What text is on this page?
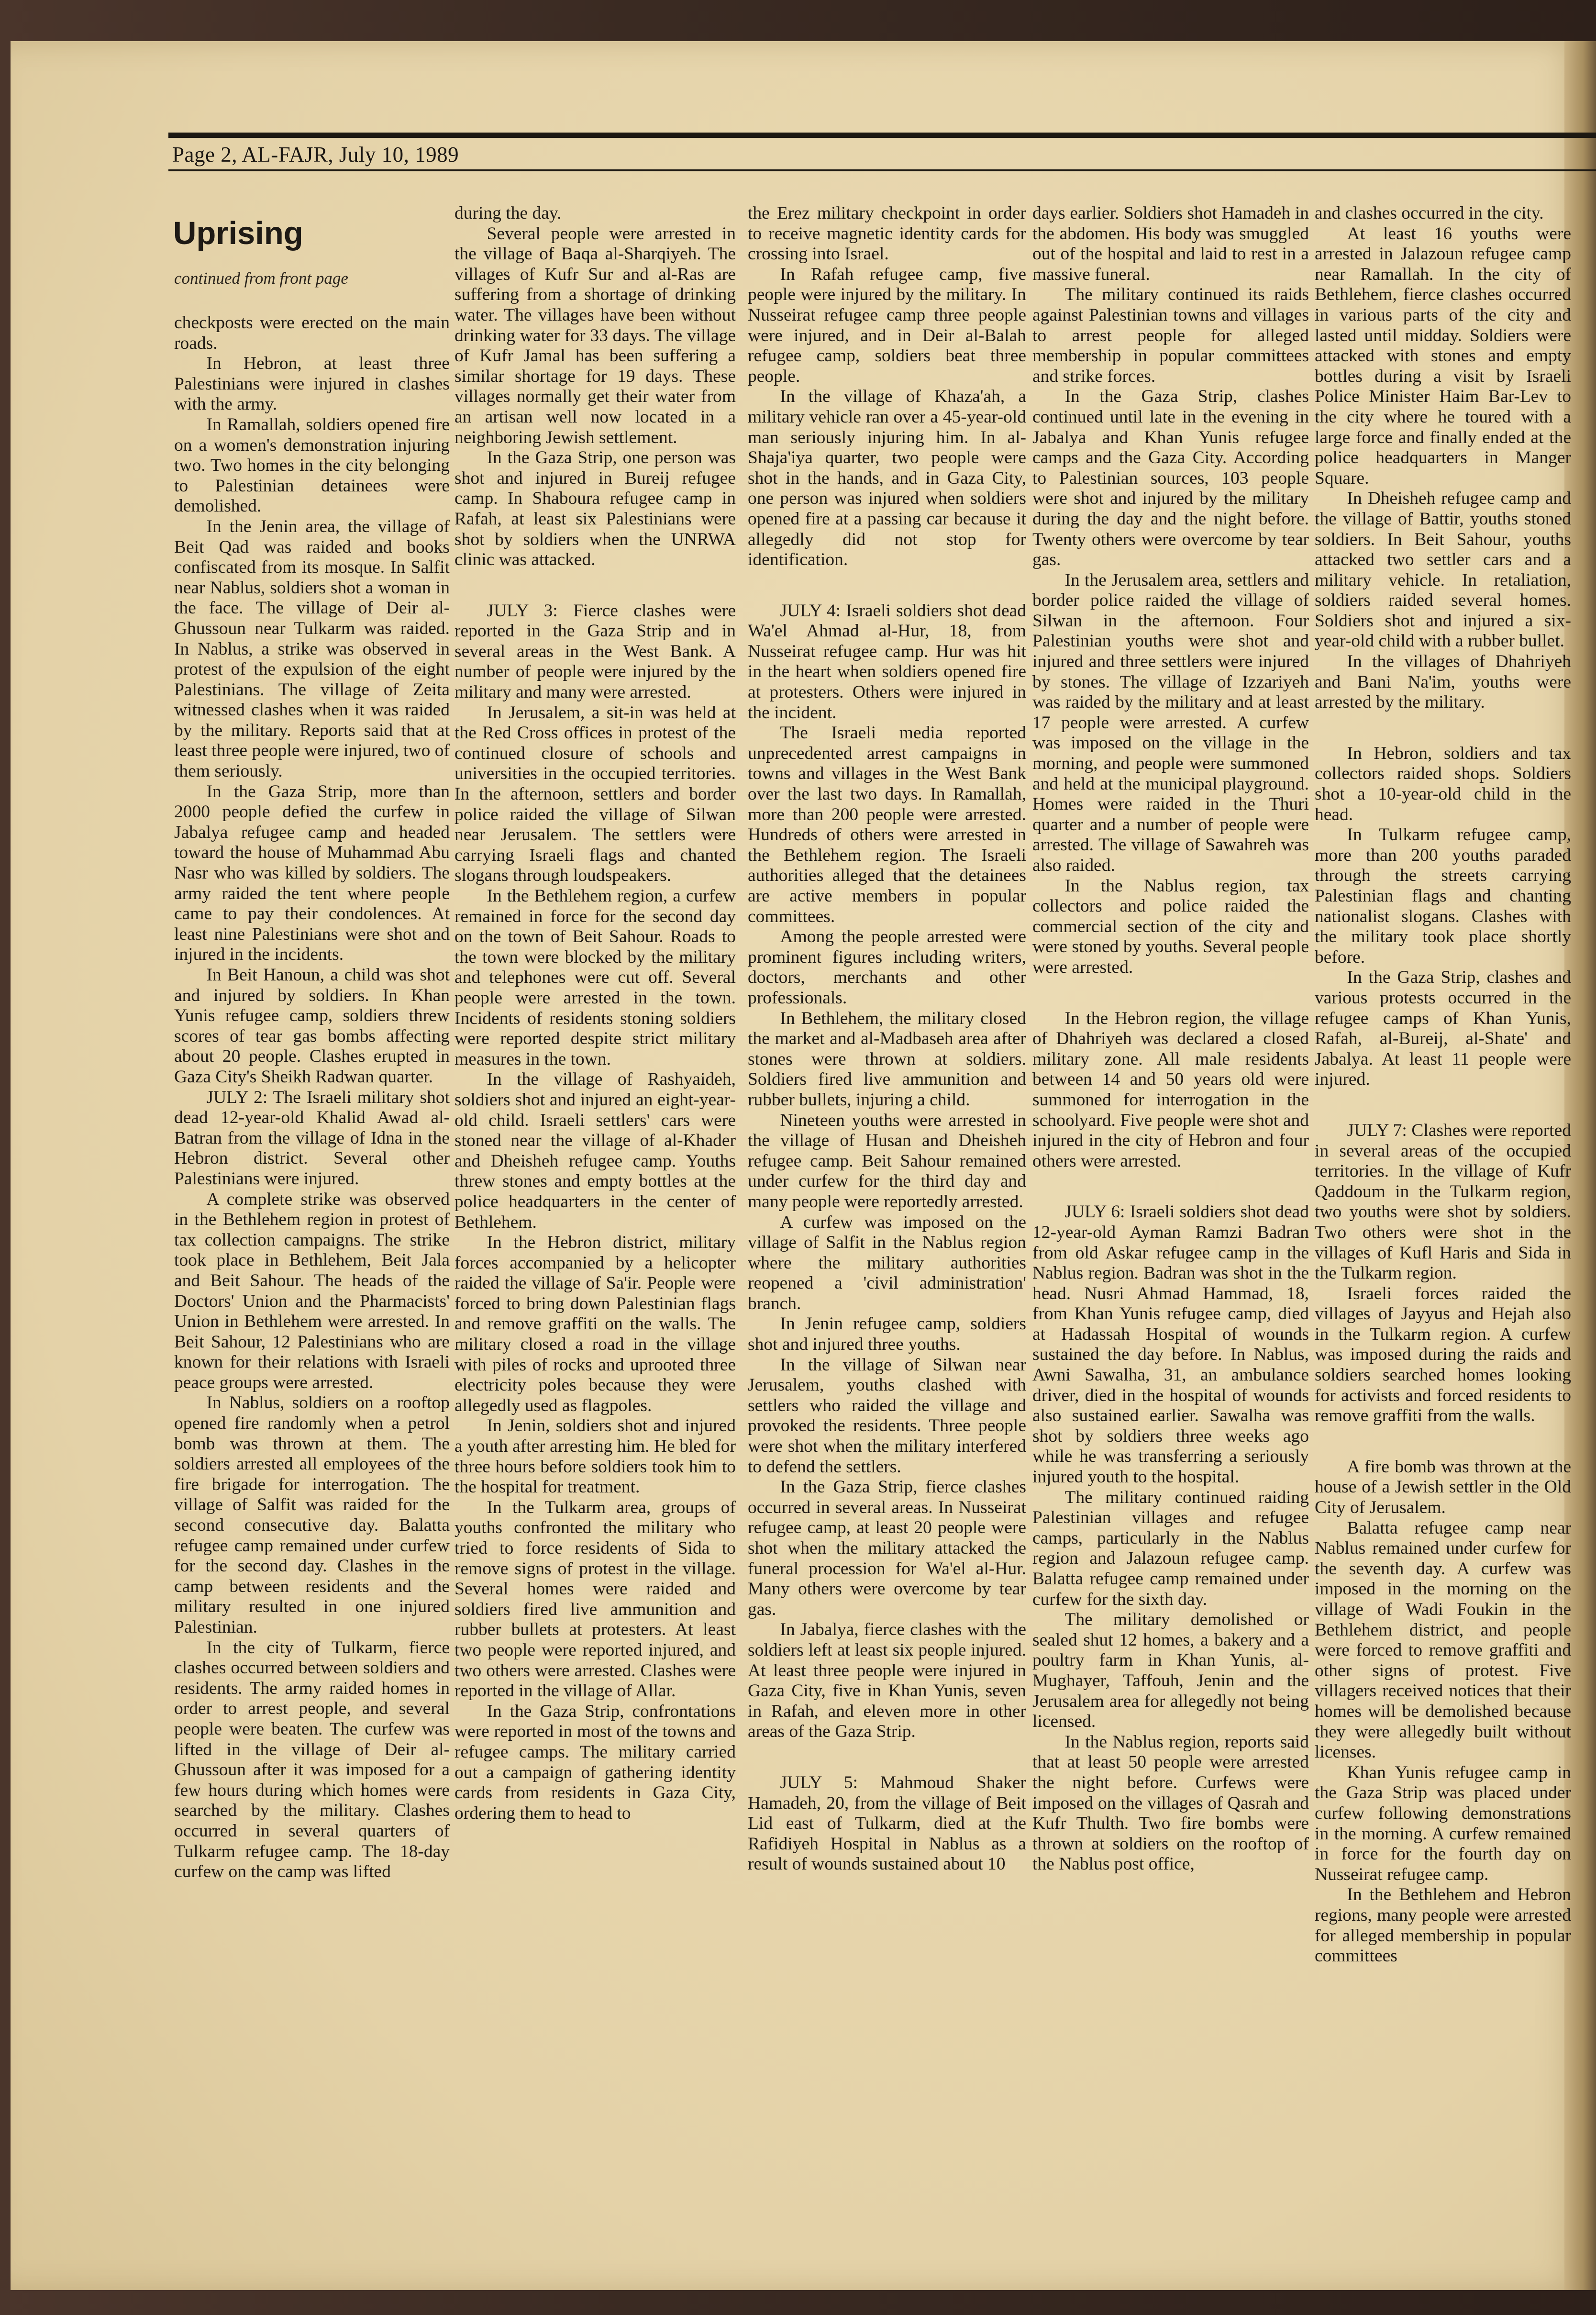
Page 2, AL-FAJR, July 10, 1989
Uprising

continued from front page

checkposts were erected on the main roads.

In Hebron, at least three Palestinians were injured in clashes with the army.

In Ramallah, soldiers opened fire on a women's demonstration injuring two. Two homes in the city belonging to Palestinian detainees were demolished.

In the Jenin area, the village of Beit Qad was raided and books confiscated from its mosque. In Salfit near Nablus, soldiers shot a woman in the face. The village of Deir al-Ghussoun near Tulkarm was raided. In Nablus, a strike was observed in protest of the expulsion of the eight Palestinians. The village of Zeita witnessed clashes when it was raided by the military. Reports said that at least three people were injured, two of them seriously.

In the Gaza Strip, more than 2000 people defied the curfew in Jabalya refugee camp and headed toward the house of Muhammad Abu Nasr who was killed by soldiers. The army raided the tent where people came to pay their condolences. At least nine Palestinians were shot and injured in the incidents.

In Beit Hanoun, a child was shot and injured by soldiers. In Khan Yunis refugee camp, soldiers threw scores of tear gas bombs affecting about 20 people. Clashes erupted in Gaza City's Sheikh Radwan quarter.

JULY 2: The Israeli military shot dead 12-year-old Khalid Awad al-Batran from the village of Idna in the Hebron district. Several other Palestinians were injured.

A complete strike was observed in the Bethlehem region in protest of tax collection campaigns. The strike took place in Bethlehem, Beit Jala and Beit Sahour. The heads of the Doctors' Union and the Pharmacists' Union in Bethlehem were arrested. In Beit Sahour, 12 Palestinians who are known for their relations with Israeli peace groups were arrested.

In Nablus, soldiers on a rooftop opened fire randomly when a petrol bomb was thrown at them. The soldiers arrested all employees of the fire brigade for interrogation. The village of Salfit was raided for the second consecutive day. Balatta refugee camp remained under curfew for the second day. Clashes in the camp between residents and the military resulted in one injured Palestinian.

In the city of Tulkarm, fierce clashes occurred between soldiers and residents. The army raided homes in order to arrest people, and several people were beaten. The curfew was lifted in the village of Deir al-Ghussoun after it was imposed for a few hours during which homes were searched by the military. Clashes occurred in several quarters of Tulkarm refugee camp. The 18-day curfew on the camp was lifted

during the day.

Several people were arrested in the village of Baqa al-Sharqiyeh. The villages of Kufr Sur and al-Ras are suffering from a shortage of drinking water. The villages have been without drinking water for 33 days. The village of Kufr Jamal has been suffering a similar shortage for 19 days. These villages normally get their water from an artisan well now located in a neighboring Jewish settlement.

In the Gaza Strip, one person was shot and injured in Bureij refugee camp. In Shaboura refugee camp in Rafah, at least six Palestinians were shot by soldiers when the UNRWA clinic was attacked.

JULY 3: Fierce clashes were reported in the Gaza Strip and in several areas in the West Bank. A number of people were injured by the military and many were arrested.

In Jerusalem, a sit-in was held at the Red Cross offices in protest of the continued closure of schools and universities in the occupied territories. In the afternoon, settlers and border police raided the village of Silwan near Jerusalem. The settlers were carrying Israeli flags and chanted slogans through loudspeakers.

In the Bethlehem region, a curfew remained in force for the second day on the town of Beit Sahour. Roads to the town were blocked by the military and telephones were cut off. Several people were arrested in the town. Incidents of residents stoning soldiers were reported despite strict military measures in the town.

In the village of Rashyaideh, soldiers shot and injured an eight-year-old child. Israeli settlers' cars were stoned near the village of al-Khader and Dheisheh refugee camp. Youths threw stones and empty bottles at the police headquarters in the center of Bethlehem.

In the Hebron district, military forces accompanied by a helicopter raided the village of Sa'ir. People were forced to bring down Palestinian flags and remove graffiti on the walls. The military closed a road in the village with piles of rocks and uprooted three electricity poles because they were allegedly used as flagpoles.

In Jenin, soldiers shot and injured a youth after arresting him. He bled for three hours before soldiers took him to the hospital for treatment.

In the Tulkarm area, groups of youths confronted the military who tried to force residents of Sida to remove signs of protest in the village. Several homes were raided and soldiers fired live ammunition and rubber bullets at protesters. At least two people were reported injured, and two others were arrested. Clashes were reported in the village of Allar.

In the Gaza Strip, confrontations were reported in most of the towns and refugee camps. The military carried out a campaign of gathering identity cards from residents in Gaza City, ordering them to head to

the Erez military checkpoint in order to receive magnetic identity cards for crossing into Israel.

In Rafah refugee camp, five people were injured by the military. In Nusseirat refugee camp three people were injured, and in Deir al-Balah refugee camp, soldiers beat three people.

In the village of Khaza'ah, a military vehicle ran over a 45-year-old man seriously injuring him. In al-Shaja'iya quarter, two people were shot in the hands, and in Gaza City, one person was injured when soldiers opened fire at a passing car because it allegedly did not stop for identification.

JULY 4: Israeli soldiers shot dead Wa'el Ahmad al-Hur, 18, from Nusseirat refugee camp. Hur was hit in the heart when soldiers opened fire at protesters. Others were injured in the incident.

The Israeli media reported unprecedented arrest campaigns in towns and villages in the West Bank over the last two days. In Ramallah, more than 200 people were arrested. Hundreds of others were arrested in the Bethlehem region. The Israeli authorities alleged that the detainees are active members in popular committees.

Among the people arrested were prominent figures including writers, doctors, merchants and other professionals.

In Bethlehem, the military closed the market and al-Madbaseh area after stones were thrown at soldiers. Soldiers fired live ammunition and rubber bullets, injuring a child.

Nineteen youths were arrested in the village of Husan and Dheisheh refugee camp. Beit Sahour remained under curfew for the third day and many people were reportedly arrested.

A curfew was imposed on the village of Salfit in the Nablus region where the military authorities reopened a 'civil administration' branch.

In Jenin refugee camp, soldiers shot and injured three youths.

In the village of Silwan near Jerusalem, youths clashed with settlers who raided the village and provoked the residents. Three people were shot when the military interfered to defend the settlers.

In the Gaza Strip, fierce clashes occurred in several areas. In Nusseirat refugee camp, at least 20 people were shot when the military attacked the funeral procession for Wa'el al-Hur. Many others were overcome by tear gas.

In Jabalya, fierce clashes with the soldiers left at least six people injured. At least three people were injured in Gaza City, five in Khan Yunis, seven in Rafah, and eleven more in other areas of the Gaza Strip.

JULY 5: Mahmoud Shaker Hamadeh, 20, from the village of Beit Lid east of Tulkarm, died at the Rafidiyeh Hospital in Nablus as a result of wounds sustained about 10

days earlier. Soldiers shot Hamadeh in the abdomen. His body was smuggled out of the hospital and laid to rest in a massive funeral.

The military continued its raids against Palestinian towns and villages to arrest people for alleged membership in popular committees and strike forces.

In the Gaza Strip, clashes continued until late in the evening in Jabalya and Khan Yunis refugee camps and the Gaza City. According to Palestinian sources, 103 people were shot and injured by the military during the day and the night before. Twenty others were overcome by tear gas.

In the Jerusalem area, settlers and border police raided the village of Silwan in the afternoon. Four Palestinian youths were shot and injured and three settlers were injured by stones. The village of Izzariyeh was raided by the military and at least 17 people were arrested. A curfew was imposed on the village in the morning, and people were summoned and held at the municipal playground. Homes were raided in the Thuri quarter and a number of people were arrested. The village of Sawahreh was also raided.

In the Nablus region, tax collectors and police raided the commercial section of the city and were stoned by youths. Several people were arrested.

In the Hebron region, the village of Dhahriyeh was declared a closed military zone. All male residents between 14 and 50 years old were summoned for interrogation in the schoolyard. Five people were shot and injured in the city of Hebron and four others were arrested.

JULY 6: Israeli soldiers shot dead 12-year-old Ayman Ramzi Badran from old Askar refugee camp in the Nablus region. Badran was shot in the head. Nusri Ahmad Hammad, 18, from Khan Yunis refugee camp, died at Hadassah Hospital of wounds sustained the day before. In Nablus, Awni Sawalha, 31, an ambulance driver, died in the hospital of wounds also sustained earlier. Sawalha was shot by soldiers three weeks ago while he was transferring a seriously injured youth to the hospital.

The military continued raiding Palestinian villages and refugee camps, particularly in the Nablus region and Jalazoun refugee camp. Balatta refugee camp remained under curfew for the sixth day.

The military demolished or sealed shut 12 homes, a bakery and a poultry farm in Khan Yunis, al-Mughayer, Taffouh, Jenin and the Jerusalem area for allegedly not being licensed.

In the Nablus region, reports said that at least 50 people were arrested the night before. Curfews were imposed on the villages of Qasrah and Kufr Thulth. Two fire bombs were thrown at soldiers on the rooftop of the Nablus post office,

and clashes occurred in the city.

At least 16 youths were arrested in Jalazoun refugee camp near Ramallah. In the city of Bethlehem, fierce clashes occurred in various parts of the city and lasted until midday. Soldiers were attacked with stones and empty bottles during a visit by Israeli Police Minister Haim Bar-Lev to the city where he toured with a large force and finally ended at the police headquarters in Manger Square.

In Dheisheh refugee camp and the village of Battir, youths stoned soldiers. In Beit Sahour, youths attacked two settler cars and a military vehicle. In retaliation, soldiers raided several homes. Soldiers shot and injured a six-year-old child with a rubber bullet.

In the villages of Dhahriyeh and Bani Na'im, youths were arrested by the military.

In Hebron, soldiers and tax collectors raided shops. Soldiers shot a 10-year-old child in the head.

In Tulkarm refugee camp, more than 200 youths paraded through the streets carrying Palestinian flags and chanting nationalist slogans. Clashes with the military took place shortly before.

In the Gaza Strip, clashes and various protests occurred in the refugee camps of Khan Yunis, Rafah, al-Bureij, al-Shate' and Jabalya. At least 11 people were injured.

JULY 7: Clashes were reported in several areas of the occupied territories. In the village of Kufr Qaddoum in the Tulkarm region, two youths were shot by soldiers. Two others were shot in the villages of Kufl Haris and Sida in the Tulkarm region.

Israeli forces raided the villages of Jayyus and Hejah also in the Tulkarm region. A curfew was imposed during the raids and soldiers searched homes looking for activists and forced residents to remove graffiti from the walls.

A fire bomb was thrown at the house of a Jewish settler in the Old City of Jerusalem.

Balatta refugee camp near Nablus remained under curfew for the seventh day. A curfew was imposed in the morning on the village of Wadi Foukin in the Bethlehem district, and people were forced to remove graffiti and other signs of protest. Five villagers received notices that their homes will be demolished because they were allegedly built without licenses.

Khan Yunis refugee camp in the Gaza Strip was placed under curfew following demonstrations in the morning. A curfew remained in force for the fourth day on Nusseirat refugee camp.

In the Bethlehem and Hebron regions, many people were arrested for alleged membership in popular committees
